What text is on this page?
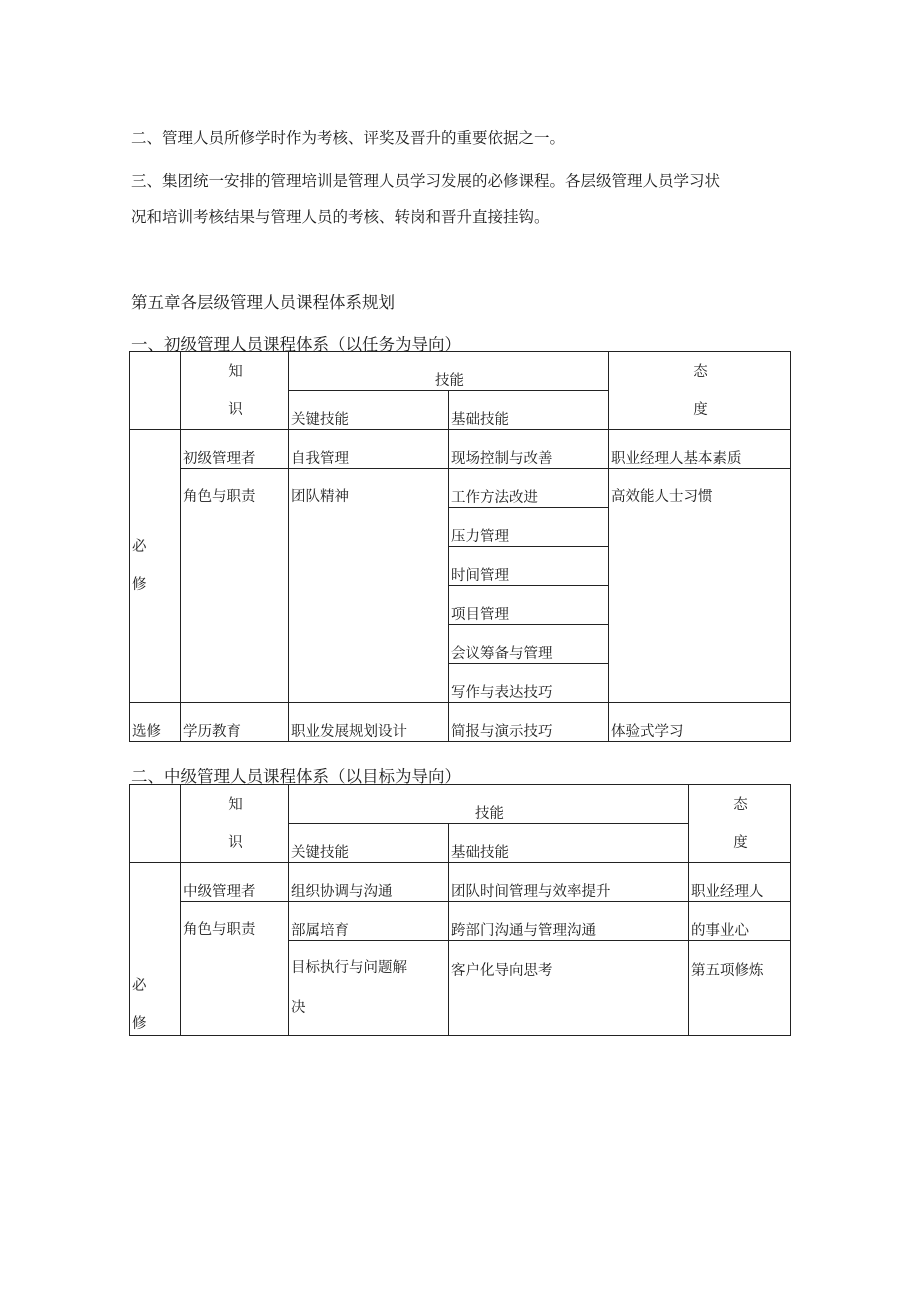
二、管理人员所修学时作为考核、评奖及晋升的重要依据之一。

三、集团统一安排的管理培训是管理人员学习发展的必修课程。各层级管理人员学习状

况和培训考核结果与管理人员的考核、转岗和晋升直接挂钩。

第五章各层级管理人员课程体系规划

一、初级管理人员课程体系（以任务为导向）

	知
识	技能		态
度

		关键技能	基础技能	

必
修	初级管理者	自我管理	现场控制与改善	职业经理人基本素质
	角色与职责	团队精神	工作方法改进	高效能人士习惯
			压力管理	
			时间管理	
			项目管理	
			会议筹备与管理	
			写作与表达技巧	
选修	学历教育	职业发展规划设计	简报与演示技巧	体验式学习

二、中级管理人员课程体系（以目标为导向）

	知
识	技能		态
度

		关键技能	基础技能	

必
修	中级管理者	组织协调与沟通	团队时间管理与效率提升	职业经理人
	角色与职责	部属培育	跨部门沟通与管理沟通	的事业心

		目标执行与问题解
决	客户化导向思考	第五项修炼
